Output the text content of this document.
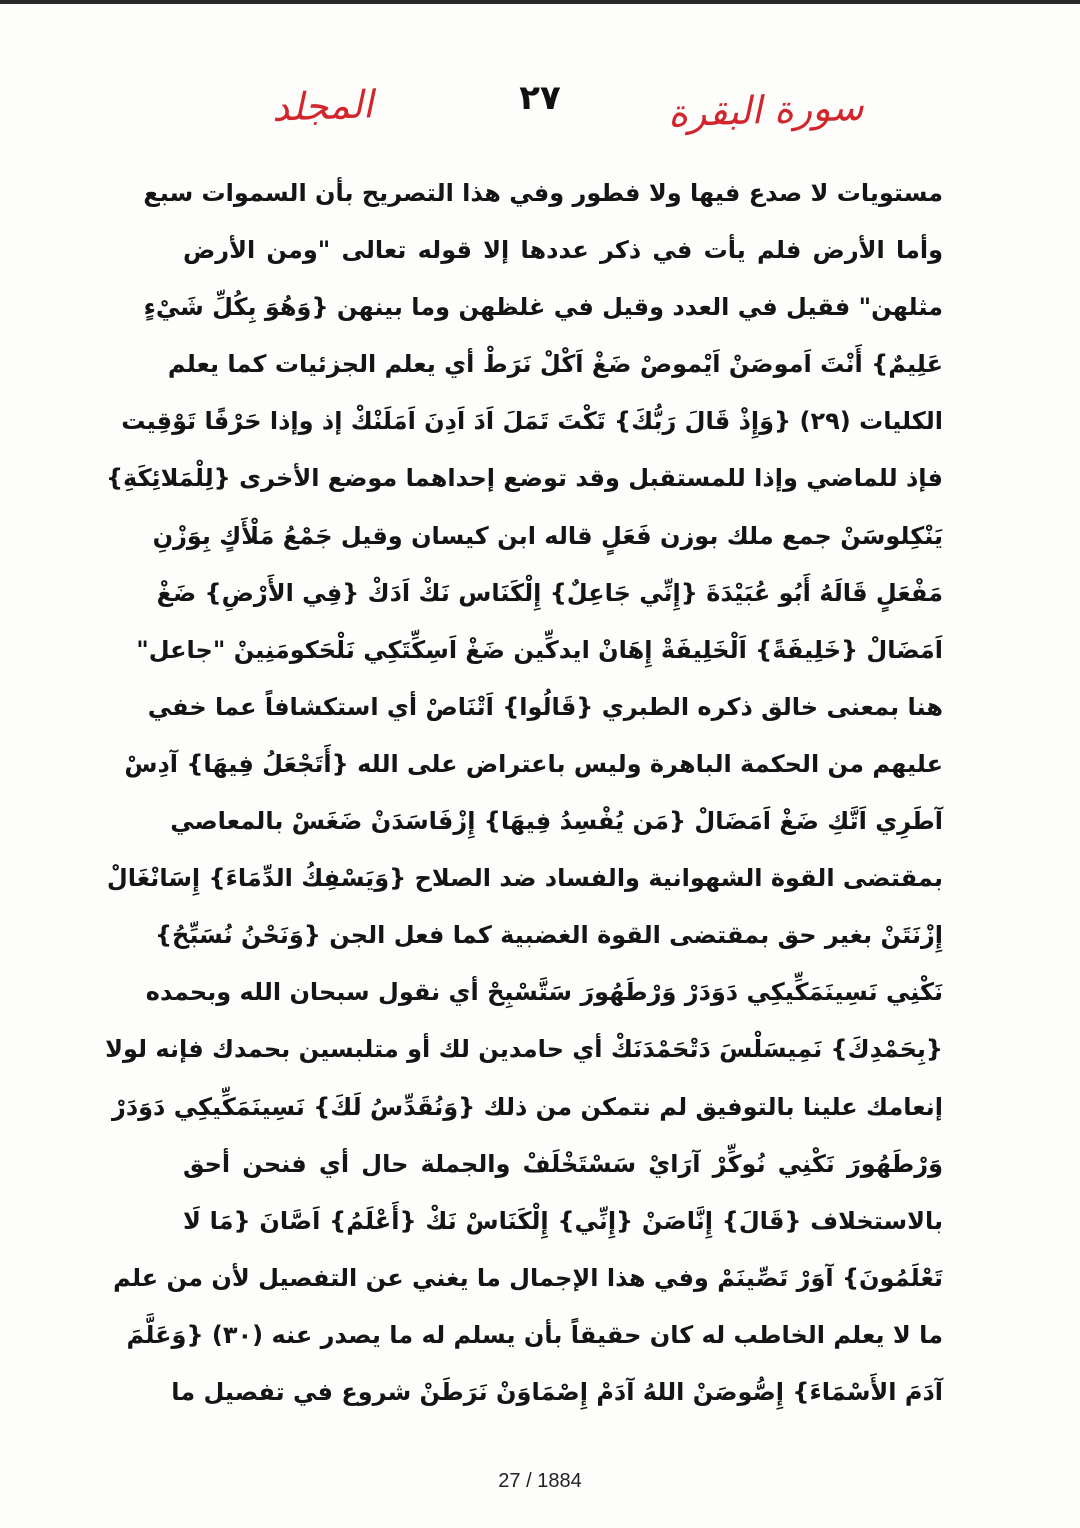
سورة البقرة
٢٧
المجلد
مستويات لا صدع فيها ولا فطور وفي هذا التصريح بأن السموات سبع
وأما الأرض فلم يأت في ذكر عددها إلا قوله تعالى "ومن الأرض
مثلهن" فقيل في العدد وقيل في غلظهن وما بينهن {وَهُوَ بِكُلِّ شَيْءٍ
عَلِيمٌ} أَنْتَ اَموصَنْ اَيْموصْ ضَغْ اَكْلْ نَرَطْ أي يعلم الجزئيات كما يعلم
الكليات (٢٩) {وَإِذْ قَالَ رَبُّكَ} تَكْتَ تَمَلَ اَدَ اَدِنَ اَمَلَنْكْ إذ وإذا حَرْفًا تَوْقِيت
فإذ للماضي وإذا للمستقبل وقد توضع إحداهما موضع الأخرى {لِلْمَلائِكَةِ}
يَنْكِلوسَنْ جمع ملك بوزن فَعَلٍ قاله ابن كيسان وقيل جَمْعُ مَلْأَكٍ بِوَزْنِ
مَفْعَلٍ قَالَهُ أَبُو عُبَيْدَةَ {إِنِّي جَاعِلٌ} إِلْكَنَاس نَكْ اَدَكْ {فِي الأَرْضِ} ضَغْ
اَمَضَالْ {خَلِيفَةً} اَلْخَلِيفَةْ إِهَانْ ايدكِّين ضَغْ اَسِكِّتَكِي نَلْحَكومَنِينْ "جاعل"
هنا بمعنى خالق ذكره الطبري {قَالُوا} اَتْنَاصْ أي استكشافاً عما خفي
عليهم من الحكمة الباهرة وليس باعتراض على الله {أَتَجْعَلُ فِيهَا} آدِسْ
آطَرِي اَتَّكِ ضَغْ اَمَضَالْ {مَن يُفْسِدُ فِيهَا} إِزْفَاسَدَنْ ضَغَسْ بالمعاصي
بمقتضى القوة الشهوانية والفساد ضد الصلاح {وَيَسْفِكُ الدِّمَاءَ} إِسَانْغَالْ
إِزْنَتَنْ بغير حق بمقتضى القوة الغضبية كما فعل الجن {وَنَحْنُ نُسَبِّحُ}
نَكْنِي نَسِينَمَكِّيكِي دَوَدَرْ وَرْطَهُورَ سَتَّسْبِحْ أي نقول سبحان الله وبحمده
{بِحَمْدِكَ} نَمِيسَلْسَ دَتْحَمْدَنَكْ أي حامدين لك أو متلبسين بحمدك فإنه لولا
إنعامك علينا بالتوفيق لم نتمكن من ذلك {وَنُقَدِّسُ لَكَ} نَسِينَمَكِّيكِي دَوَدَرْ
وَرْطَهُورَ نَكْنِي نُوكِّرْ آرَايْ سَسْتَخْلَفْ والجملة حال أي فنحن أحق
بالاستخلاف {قَالَ} إِنَّاصَنْ {إِنِّي} إِلْكَنَاسْ نَكْ {أَعْلَمُ} اَصَّانَ {مَا لَا
تَعْلَمُونَ} آوَرْ تَصِّينَمْ وفي هذا الإجمال ما يغني عن التفصيل لأن من علم
ما لا يعلم الخاطب له كان حقيقاً بأن يسلم له ما يصدر عنه (٣٠) {وَعَلَّمَ
آدَمَ الأَسْمَاءَ} إِصُّوصَنْ اللهُ آدَمْ إِصْمَاوَنْ نَرَطَنْ شروع في تفصيل ما
27 / 1884
